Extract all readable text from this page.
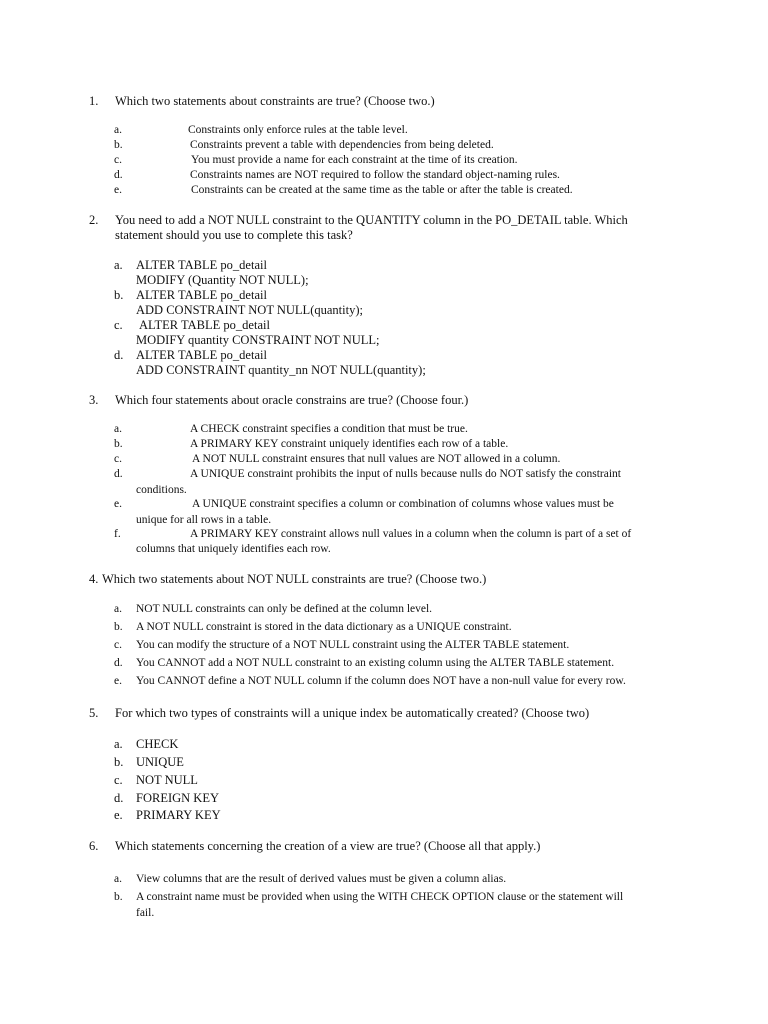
1. Which two statements about constraints are true? (Choose two.)
a.	Constraints only enforce rules at the table level.
b.	Constraints prevent a table with dependencies from being deleted.
c.	You must provide a name for each constraint at the time of its creation.
d.	Constraints names are NOT required to follow the standard object-naming rules.
e.	Constraints can be created at the same time as the table or after the table is created.
2. You need to add a NOT NULL constraint to the QUANTITY column in the PO_DETAIL table. Which
statement should you use to complete this task?
a. ALTER TABLE po_detail
MODIFY (Quantity NOT NULL);
b. ALTER TABLE po_detail
ADD CONSTRAINT NOT NULL(quantity);
c. ALTER TABLE po_detail
MODIFY quantity CONSTRAINT NOT NULL;
d. ALTER TABLE po_detail
ADD CONSTRAINT quantity_nn NOT NULL(quantity);
3. Which four statements about oracle constrains are true? (Choose four.)
a.	A CHECK constraint specifies a condition that must be true.
b.	A PRIMARY KEY constraint uniquely identifies each row of a table.
c.	A NOT NULL constraint ensures that null values are NOT allowed in a column.
d.	A UNIQUE constraint prohibits the input of nulls because nulls do NOT satisfy the constraint
conditions.
e.	A UNIQUE constraint specifies a column or combination of columns whose values must be
unique for all rows in a table.
f.	A PRIMARY KEY constraint allows null values in a column when the column is part of a set of
columns that uniquely identifies each row.
4. Which two statements about NOT NULL constraints are true? (Choose two.)
a. NOT NULL constraints can only be defined at the column level.
b. A NOT NULL constraint is stored in the data dictionary as a UNIQUE constraint.
c. You can modify the structure of a NOT NULL constraint using the ALTER TABLE statement.
d. You CANNOT add a NOT NULL constraint to an existing column using the ALTER TABLE statement.
e. You CANNOT define a NOT NULL column if the column does NOT have a non-null value for every row.
5. For which two types of constraints will a unique index be automatically created? (Choose two)
a. CHECK
b. UNIQUE
c. NOT NULL
d. FOREIGN KEY
e. PRIMARY KEY
6. Which statements concerning the creation of a view are true? (Choose all that apply.)
a. View columns that are the result of derived values must be given a column alias.
b. A constraint name must be provided when using the WITH CHECK OPTION clause or the statement will
fail.
